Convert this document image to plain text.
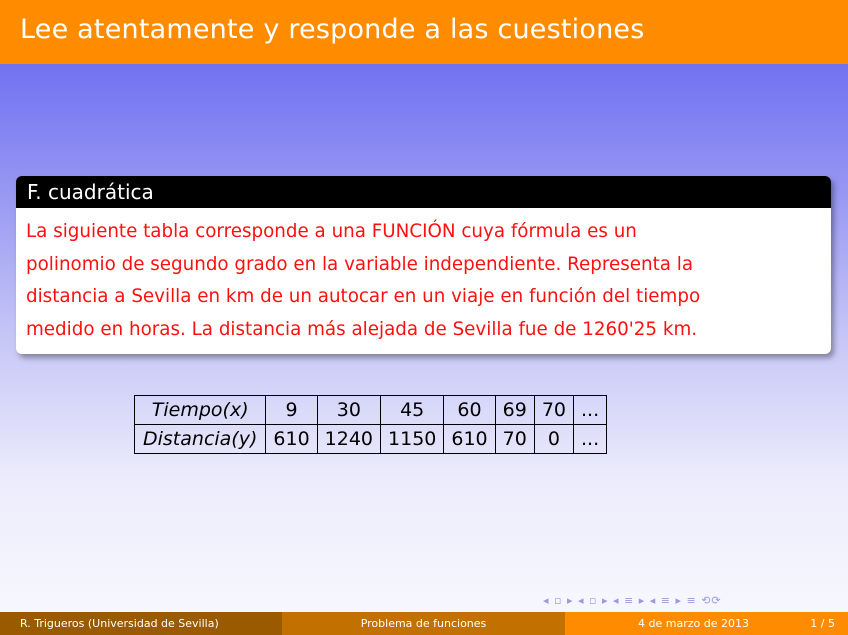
Lee atentamente y responde a las cuestiones
F. cuadrática
La siguiente tabla corresponde a una FUNCIÓN cuya fórmula es un
polinomio de segundo grado en la variable independiente. Representa la
distancia a Sevilla en km de un autocar en un viaje en función del tiempo
medido en horas. La distancia más alejada de Sevilla fue de 1260'25 km.
Tiempo(x)	9	30	45	60	69	70	...
Distancia(y)	610	1240	1150	610	70	0	...
◂ ▫ ▸ ◂ ▫ ▸ ◂ ≡ ▸ ◂ ≡ ▸ ≡ ⟲⟳
R. Trigueros (Universidad de Sevilla)	Problema de funciones	4 de marzo de 2013	1 / 5
